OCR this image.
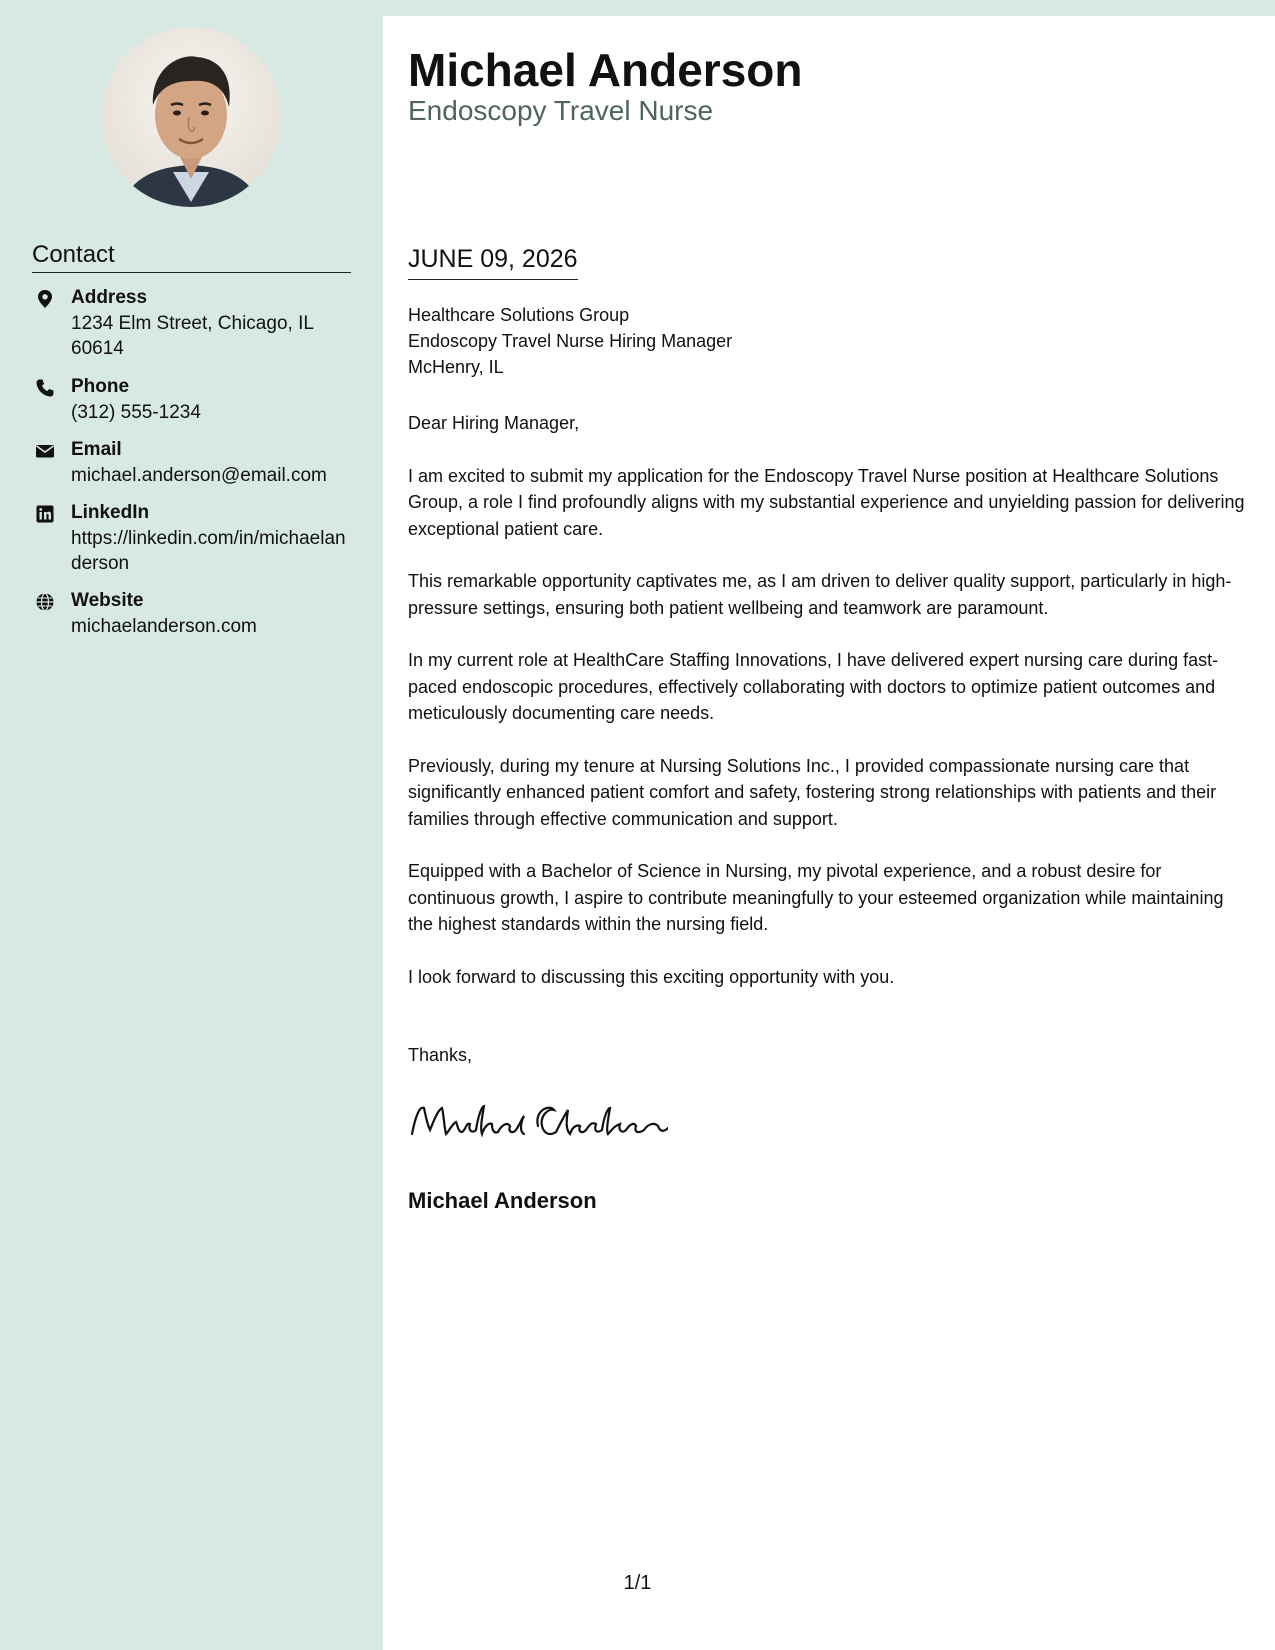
Contact
Address
1234 Elm Street, Chicago, IL 60614
Phone
(312) 555-1234
Email
michael.anderson@email.com
LinkedIn
https://linkedin.com/in/michaelanderson
Website
michaelanderson.com
Michael Anderson
Endoscopy Travel Nurse
JUNE 09, 2026
Healthcare Solutions Group
Endoscopy Travel Nurse Hiring Manager
McHenry, IL

Dear Hiring Manager,

I am excited to submit my application for the Endoscopy Travel Nurse position at Healthcare Solutions Group, a role I find profoundly aligns with my substantial experience and unyielding passion for delivering exceptional patient care.

This remarkable opportunity captivates me, as I am driven to deliver quality support, particularly in high-pressure settings, ensuring both patient wellbeing and teamwork are paramount.

In my current role at HealthCare Staffing Innovations, I have delivered expert nursing care during fast-paced endoscopic procedures, effectively collaborating with doctors to optimize patient outcomes and meticulously documenting care needs.

Previously, during my tenure at Nursing Solutions Inc., I provided compassionate nursing care that significantly enhanced patient comfort and safety, fostering strong relationships with patients and their families through effective communication and support.

Equipped with a Bachelor of Science in Nursing, my pivotal experience, and a robust desire for continuous growth, I aspire to contribute meaningfully to your esteemed organization while maintaining the highest standards within the nursing field.

I look forward to discussing this exciting opportunity with you.

Thanks,
Michael Anderson
1/1
